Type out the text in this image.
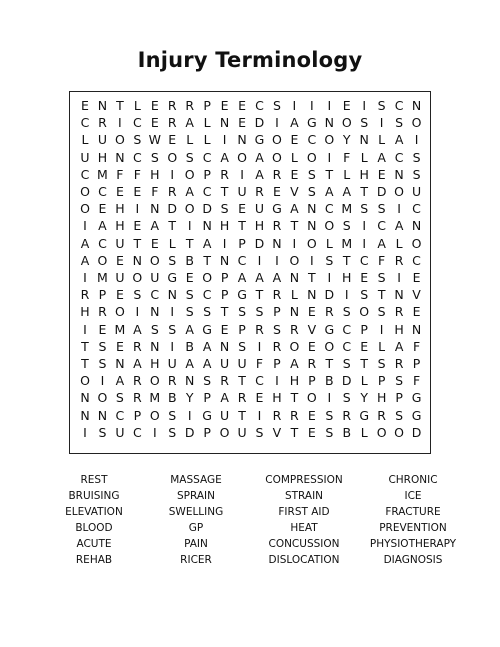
Injury Terminology
E N T L E R R P E E C S I	I	I E I S C N
C R I C E R A L N E D I A G N O S I S O
L U O S W E L L I N G O E C O Y N L A I
U H N C S O S C A O A O L O I F L A C S
C M F F H I O P R I A R E S T L H E N S
O C E E F R A C T U R E V S A A T D O U
O E H I N D O D S E U G A N C M S S I C
I A H E A T I N H T H R T N O S I C A N
A C U T E L T A I P D N I O L M I A L O
A O E N O S B T N C I	I O I S T C F R C
I M U O U G E O P A A A N T I H E S I E
R P E S C N S C P G T R L N D I S T N V
H R O I N I S S T S S P N E R S O S R E
I E M A S S A G E P R S R V G C P I H N
T S E R N I B A N S I R O E O C E L A F
T S N A H U A A U U F P A R T S T S R P
O I A R O R N S R T C I H P B D L P S F
N O S R M B Y P A R E H T O I S Y H P G
N N C P O S I G U T I R R E S R G R S G
I S U C I S D P O U S V T E S B L O O D
REST
BRUISING
ELEVATION
BLOOD
ACUTE
REHAB
MASSAGE
SPRAIN
SWELLING
GP
PAIN
RICER
COMPRESSION
STRAIN
FIRST AID
HEAT
CONCUSSION
DISLOCATION
CHRONIC
ICE
FRACTURE
PREVENTION
PHYSIOTHERAPY
DIAGNOSIS
